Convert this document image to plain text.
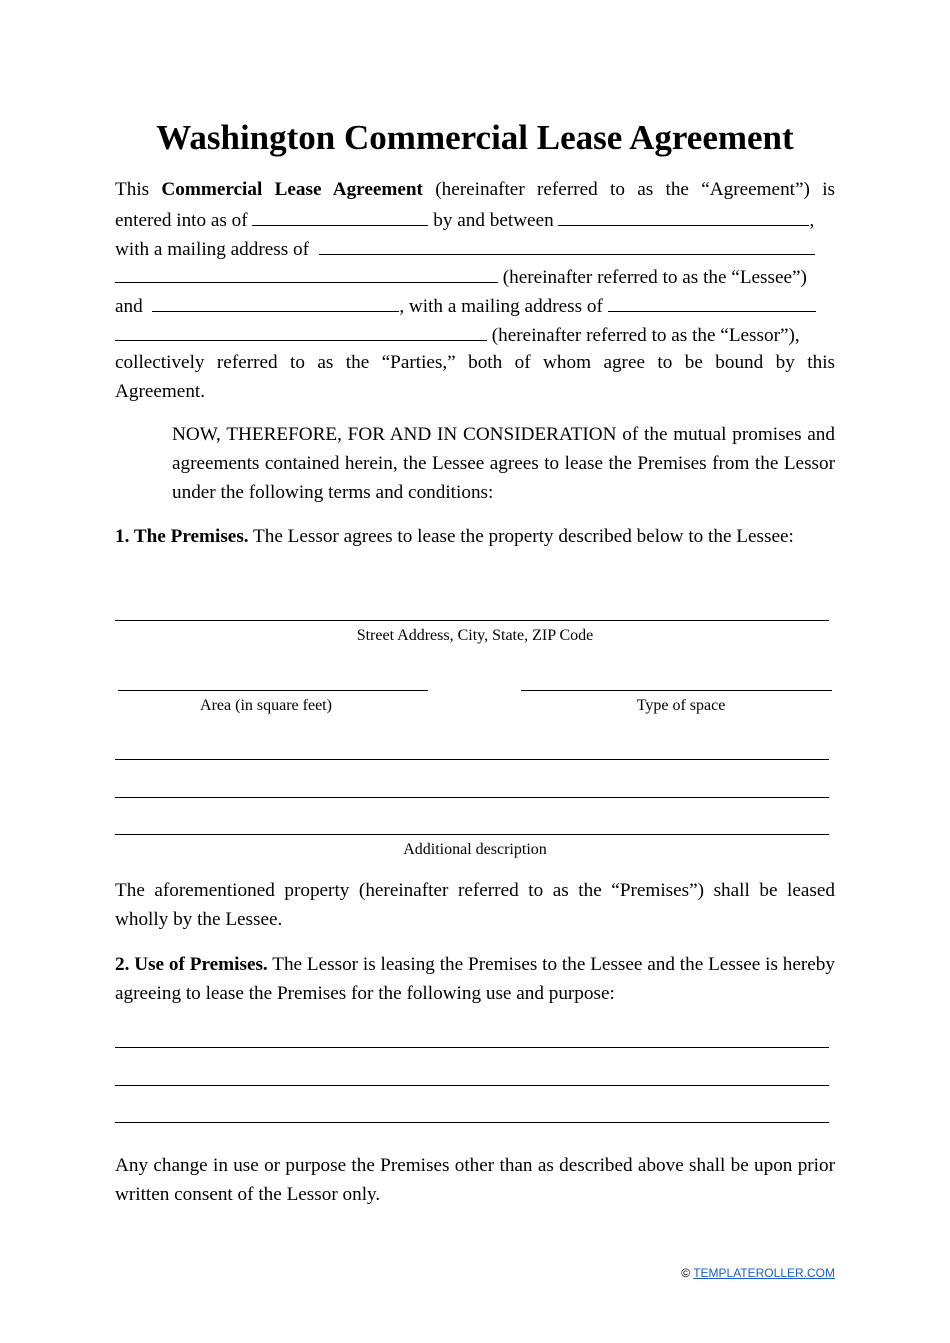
Washington Commercial Lease Agreement
This Commercial Lease Agreement (hereinafter referred to as the “Agreement”) is
entered into as of	by and between	,
with a mailing address of
(hereinafter referred to as the “Lessee”)
and	, with a mailing address of
(hereinafter referred to as the “Lessor”),
collectively referred to as the “Parties,” both of whom agree to be bound by this
Agreement.

NOW, THEREFORE, FOR AND IN CONSIDERATION of the mutual promises and agreements contained herein, the Lessee agrees to lease the Premises from the Lessor under the following terms and conditions:

1. The Premises. The Lessor agrees to lease the property described below to the Lessee:

Street Address, City, State, ZIP Code
Area (in square feet)	Type of space
Additional description

The aforementioned property (hereinafter referred to as the “Premises”) shall be leased wholly by the Lessee.

2. Use of Premises. The Lessor is leasing the Premises to the Lessee and the Lessee is hereby agreeing to lease the Premises for the following use and purpose:

Any change in use or purpose the Premises other than as described above shall be upon prior written consent of the Lessor only.

© TEMPLATEROLLER.COM
